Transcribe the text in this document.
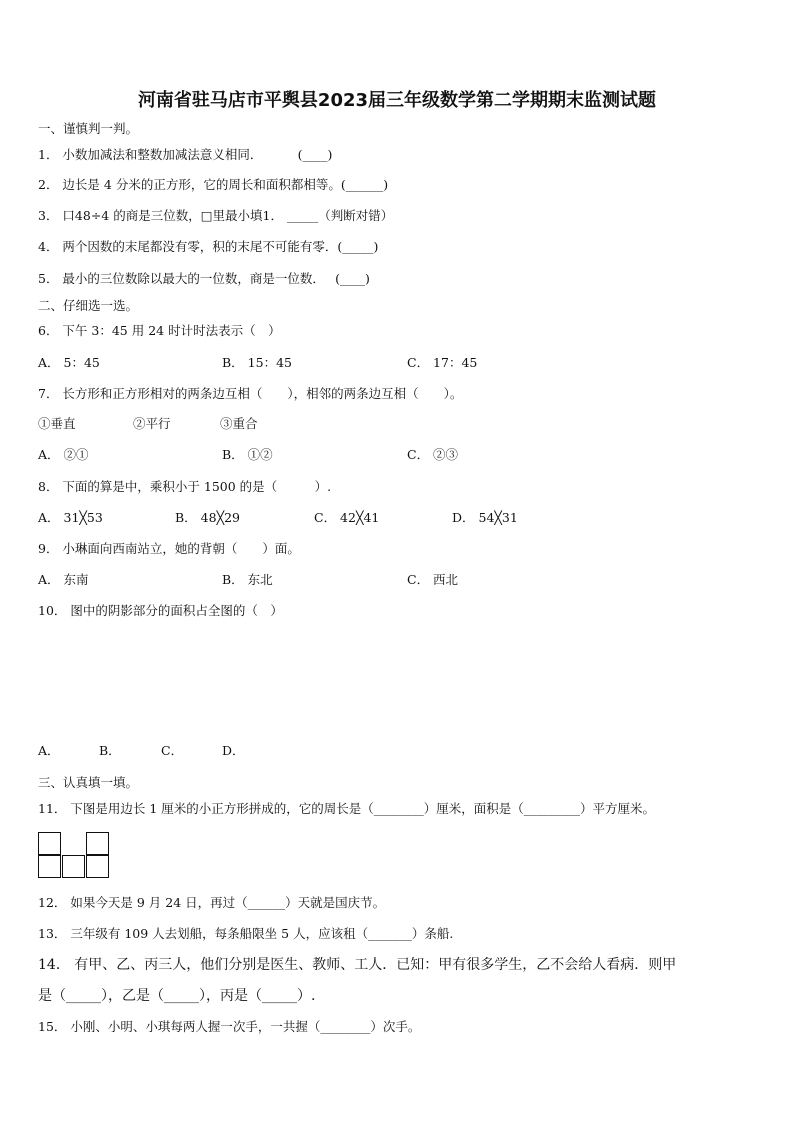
河南省驻马店市平舆县2023届三年级数学第二学期期末监测试题
一、谨慎判一判。
1． 小数加减法和整数加减法意义相同．　　　 (____)
2． 边长是 4 分米的正方形，它的周长和面积都相等。(______)
3． 口48÷4 的商是三位数，□里最小填1． _____（判断对错）
4． 两个因数的末尾都没有零，积的末尾不可能有零．(_____)
5． 最小的三位数除以最大的一位数，商是一位数．　 (____)
二、仔细选一选。
6． 下午 3：45 用 24 时计时法表示（　）
A． 5：45	B． 15：45	C． 17：45
7． 长方形和正方形相对的两条边互相（　　），相邻的两条边互相（　　）。
①垂直	②平行	③重合
A． ②①	B． ①②	C． ②③
8． 下面的算是中，乘积小于 1500 的是（　　　）.
A． 31╳53	B． 48╳29	C． 42╳41	D． 54╳31
9． 小琳面向西南站立，她的背朝（　　）面。
A． 东南	B． 东北	C． 西北
10． 图中的阴影部分的面积占全图的（　）
A．	B．	C．	D．
三、认真填一填。
11． 下图是用边长 1 厘米的小正方形拼成的，它的周长是（________）厘米，面积是（_________）平方厘米。
12． 如果今天是 9 月 24 日，再过（______）天就是国庆节。
13． 三年级有 109 人去划船，每条船限坐 5 人，应该租（_______）条船.
14． 有甲、乙、丙三人，他们分别是医生、教师、工人．已知：甲有很多学生，乙不会给人看病．则甲
是（_____），乙是（_____），丙是（_____）.
15． 小刚、小明、小琪每两人握一次手，一共握（________）次手。
